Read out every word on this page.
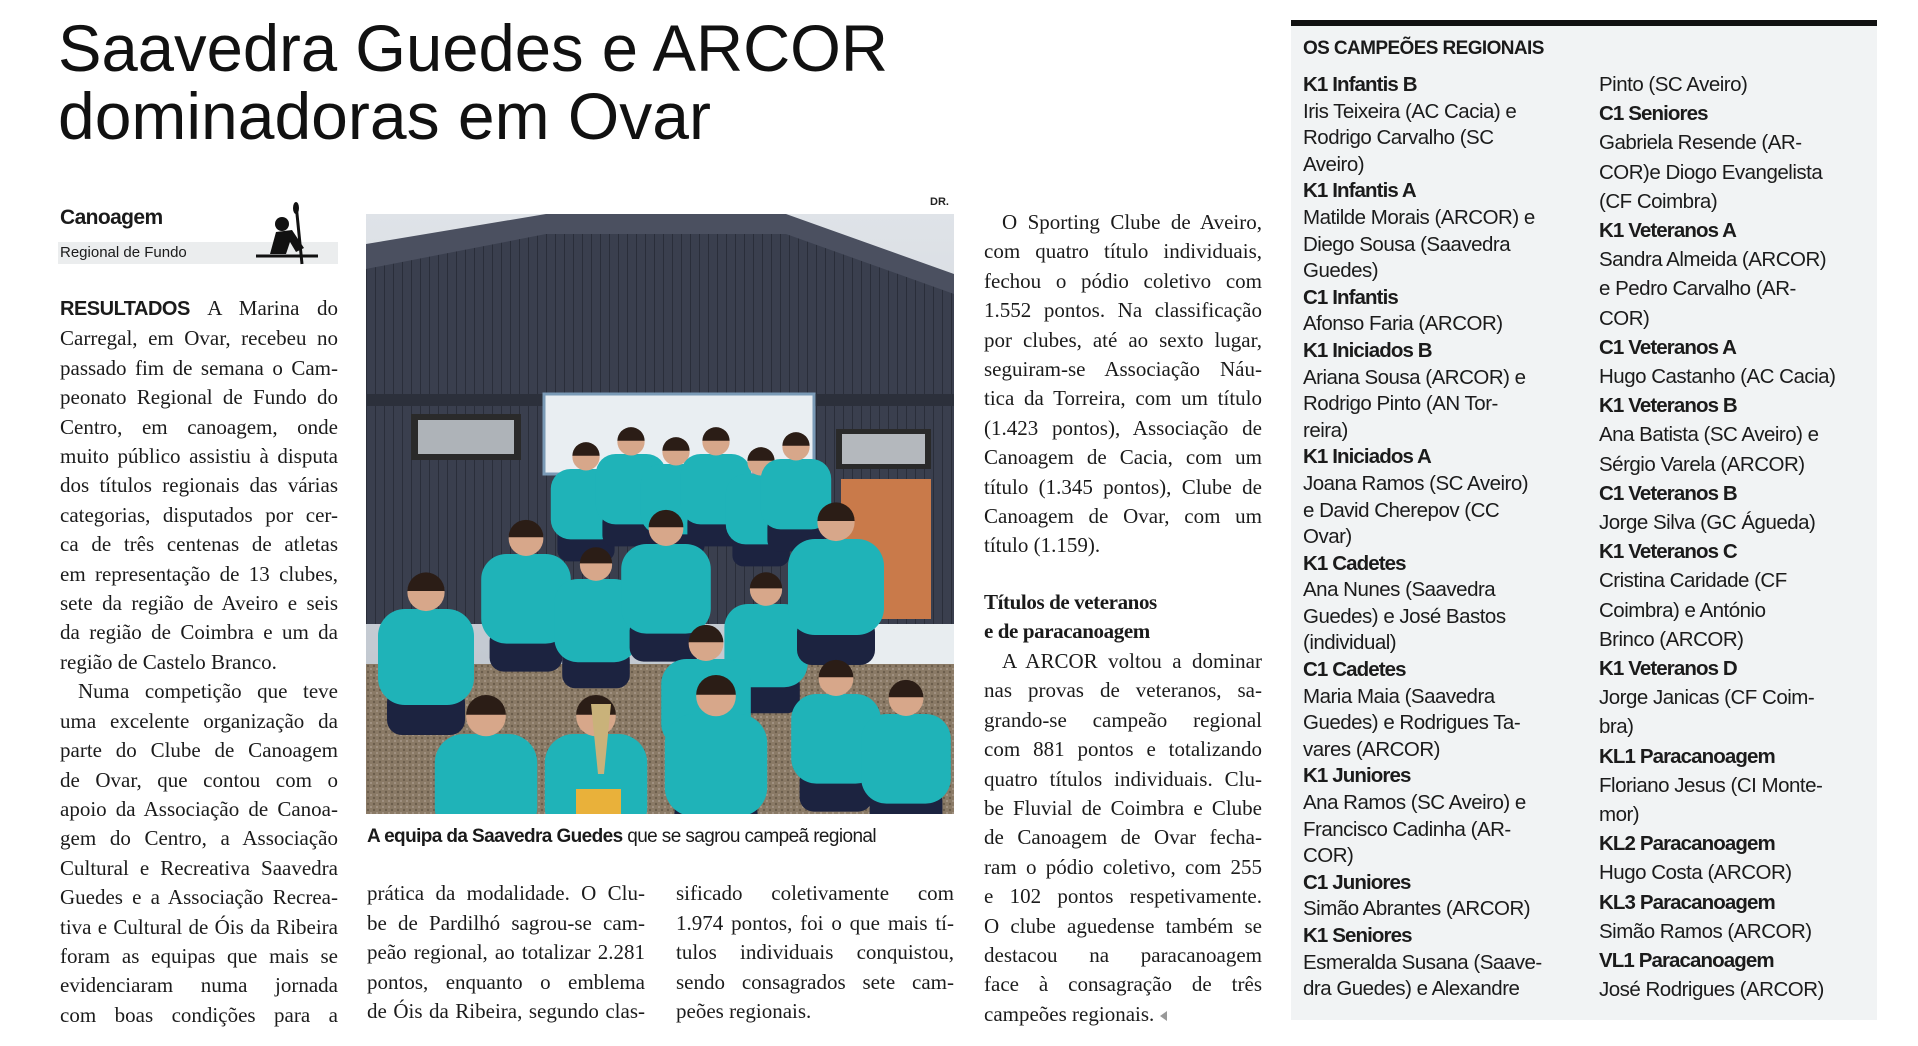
Saavedra Guedes e ARCOR
dominadoras em Ovar
Canoagem
Regional de Fundo
RESULTADOS A Marina do
Carregal, em Ovar, recebeu no
passado fim de semana o Cam-
peonato Regional de Fundo do
Centro, em canoagem, onde
muito público assistiu à disputa
dos títulos regionais das várias
categorias, disputados por cer-
ca de três centenas de atletas
em representação de 13 clubes,
sete da região de Aveiro e seis
da região de Coimbra e um da
região de Castelo Branco.
Numa competição que teve
uma excelente organização da
parte do Clube de Canoagem
de Ovar, que contou com o
apoio da Associação de Canoa-
gem do Centro, a Associação
Cultural e Recreativa Saavedra
Guedes e a Associação Recrea-
tiva e Cultural de Óis da Ribeira
foram as equipas que mais se
evidenciaram numa jornada
com boas condições para a
DR.
A equipa da Saavedra Guedes que se sagrou campeã regional
prática da modalidade. O Clu-
be de Pardilhó sagrou-se cam-
peão regional, ao totalizar 2.281
pontos, enquanto o emblema
de Óis da Ribeira, segundo clas-
sificado coletivamente com
1.974 pontos, foi o que mais tí-
tulos individuais conquistou,
sendo consagrados sete cam-
peões regionais.
O Sporting Clube de Aveiro,
com quatro título individuais,
fechou o pódio coletivo com
1.552 pontos. Na classificação
por clubes, até ao sexto lugar,
seguiram-se Associação Náu-
tica da Torreira, com um título
(1.423 pontos), Associação de
Canoagem de Cacia, com um
título (1.345 pontos), Clube de
Canoagem de Ovar, com um
título (1.159).
Títulos de veteranos
e de paracanoagem
A ARCOR voltou a dominar
nas provas de veteranos, sa-
grando-se campeão regional
com 881 pontos e totalizando
quatro títulos individuais. Clu-
be Fluvial de Coimbra e Clube
de Canoagem de Ovar fecha-
ram o pódio coletivo, com 255
e 102 pontos respetivamente.
O clube aguedense também se
destacou na paracanoagem
face à consagração de três
campeões regionais.
OS CAMPEÕES REGIONAIS
K1 Infantis B
Iris Teixeira (AC Cacia) e
Rodrigo Carvalho (SC
Aveiro)
K1 Infantis A
Matilde Morais (ARCOR) e
Diego Sousa (Saavedra
Guedes)
C1 Infantis
Afonso Faria (ARCOR)
K1 Iniciados B
Ariana Sousa (ARCOR) e
Rodrigo Pinto (AN Tor-
reira)
K1 Iniciados A
Joana Ramos (SC Aveiro)
e David Cherepov (CC
Ovar)
K1 Cadetes
Ana Nunes (Saavedra
Guedes) e José Bastos
(individual)
C1 Cadetes
Maria Maia (Saavedra
Guedes) e Rodrigues Ta-
vares (ARCOR)
K1 Juniores
Ana Ramos (SC Aveiro) e
Francisco Cadinha (AR-
COR)
C1 Juniores
Simão Abrantes (ARCOR)
K1 Seniores
Esmeralda Susana (Saave-
dra Guedes) e Alexandre
Pinto (SC Aveiro)
C1 Seniores
Gabriela Resende (AR-
COR)e Diogo Evangelista
(CF Coimbra)
K1 Veteranos A
Sandra Almeida (ARCOR)
e Pedro Carvalho (AR-
COR)
C1 Veteranos A
Hugo Castanho (AC Cacia)
K1 Veteranos B
Ana Batista (SC Aveiro) e
Sérgio Varela (ARCOR)
C1 Veteranos B
Jorge Silva (GC Águeda)
K1 Veteranos C
Cristina Caridade (CF
Coimbra) e António
Brinco (ARCOR)
K1 Veteranos D
Jorge Janicas (CF Coim-
bra)
KL1 Paracanoagem
Floriano Jesus (CI Monte-
mor)
KL2 Paracanoagem
Hugo Costa (ARCOR)
KL3 Paracanoagem
Simão Ramos (ARCOR)
VL1 Paracanoagem
José Rodrigues (ARCOR)
